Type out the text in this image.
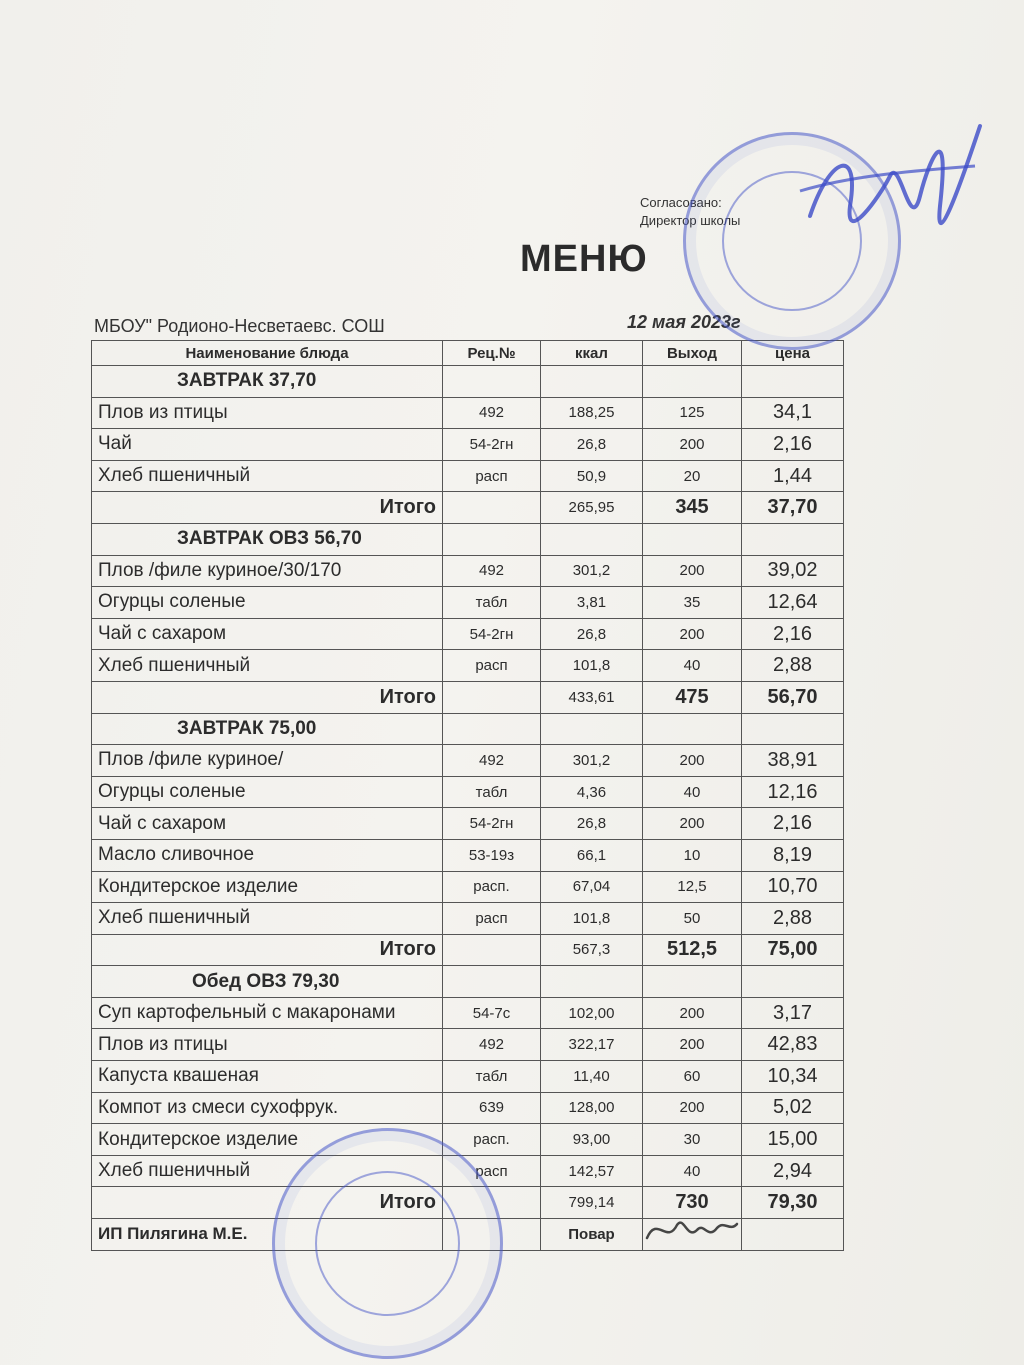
Согласовано:
Директор школы
МЕНЮ
МБОУ" Родионо-Несветаевс. СОШ	12 мая 2023г
Наименование блюда	Рец.№	ккал	Выход	цена
ЗАВТРАК 37,70				
Плов из птицы	492	188,25	125	34,1
Чай	54-2гн	26,8	200	2,16
Хлеб пшеничный	расп	50,9	20	1,44
Итого		265,95	345	37,70
ЗАВТРАК ОВЗ 56,70				
Плов /филе куриное/30/170	492	301,2	200	39,02
Огурцы соленые	табл	3,81	35	12,64
Чай с сахаром	54-2гн	26,8	200	2,16
Хлеб пшеничный	расп	101,8	40	2,88
Итого		433,61	475	56,70
ЗАВТРАК 75,00				
Плов /филе куриное/	492	301,2	200	38,91
Огурцы соленые	табл	4,36	40	12,16
Чай с сахаром	54-2гн	26,8	200	2,16
Масло сливочное	53-19з	66,1	10	8,19
Кондитерское изделие	расп.	67,04	12,5	10,70
Хлеб пшеничный	расп	101,8	50	2,88
Итого		567,3	512,5	75,00
Обед ОВЗ 79,30				
Суп картофельный с макаронами	54-7с	102,00	200	3,17
Плов из птицы	492	322,17	200	42,83
Капуста квашеная	табл	11,40	60	10,34
Компот из смеси сухофрук.	639	128,00	200	5,02
Кондитерское изделие	расп.	93,00	30	15,00
Хлеб пшеничный	расп	142,57	40	2,94
Итого		799,14	730	79,30
ИП Пилягина М.Е.		Повар		
